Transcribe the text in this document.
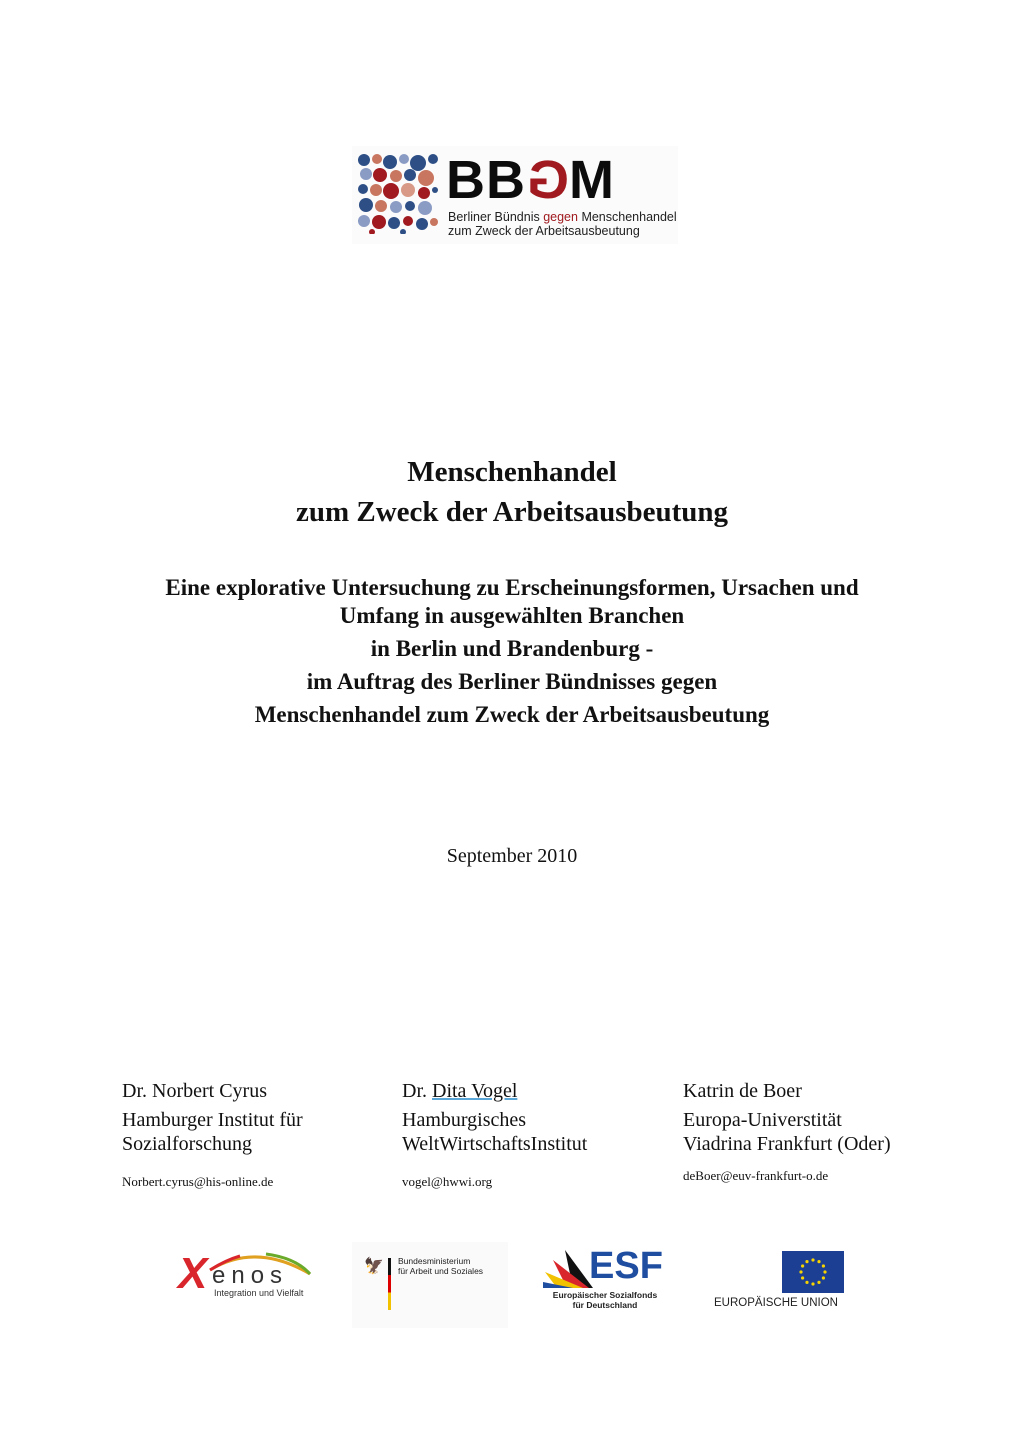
BBGM
Berliner Bündnis gegen Menschenhandel
zum Zweck der Arbeitsausbeutung
Menschenhandel
zum Zweck der Arbeitsausbeutung
Eine explorative Untersuchung zu Erscheinungsformen, Ursachen und
Umfang in ausgewählten Branchen
in Berlin und Brandenburg -
im Auftrag des Berliner Bündnisses gegen
Menschenhandel zum Zweck der Arbeitsausbeutung
September 2010
Dr. Norbert Cyrus
Hamburger Institut für
Sozialforschung
Norbert.cyrus@his-online.de
Dr. Dita Vogel
Hamburgisches
WeltWirtschaftsInstitut
vogel@hwwi.org
Katrin de Boer
Europa-Universtität
Viadrina Frankfurt (Oder)
deBoer@euv-frankfurt-o.de
X enos
Integration und Vielfalt
🦅 Bundesministerium
für Arbeit und Soziales	ESF
Europäischer Sozialfonds
für Deutschland	EUROPÄISCHE UNION
